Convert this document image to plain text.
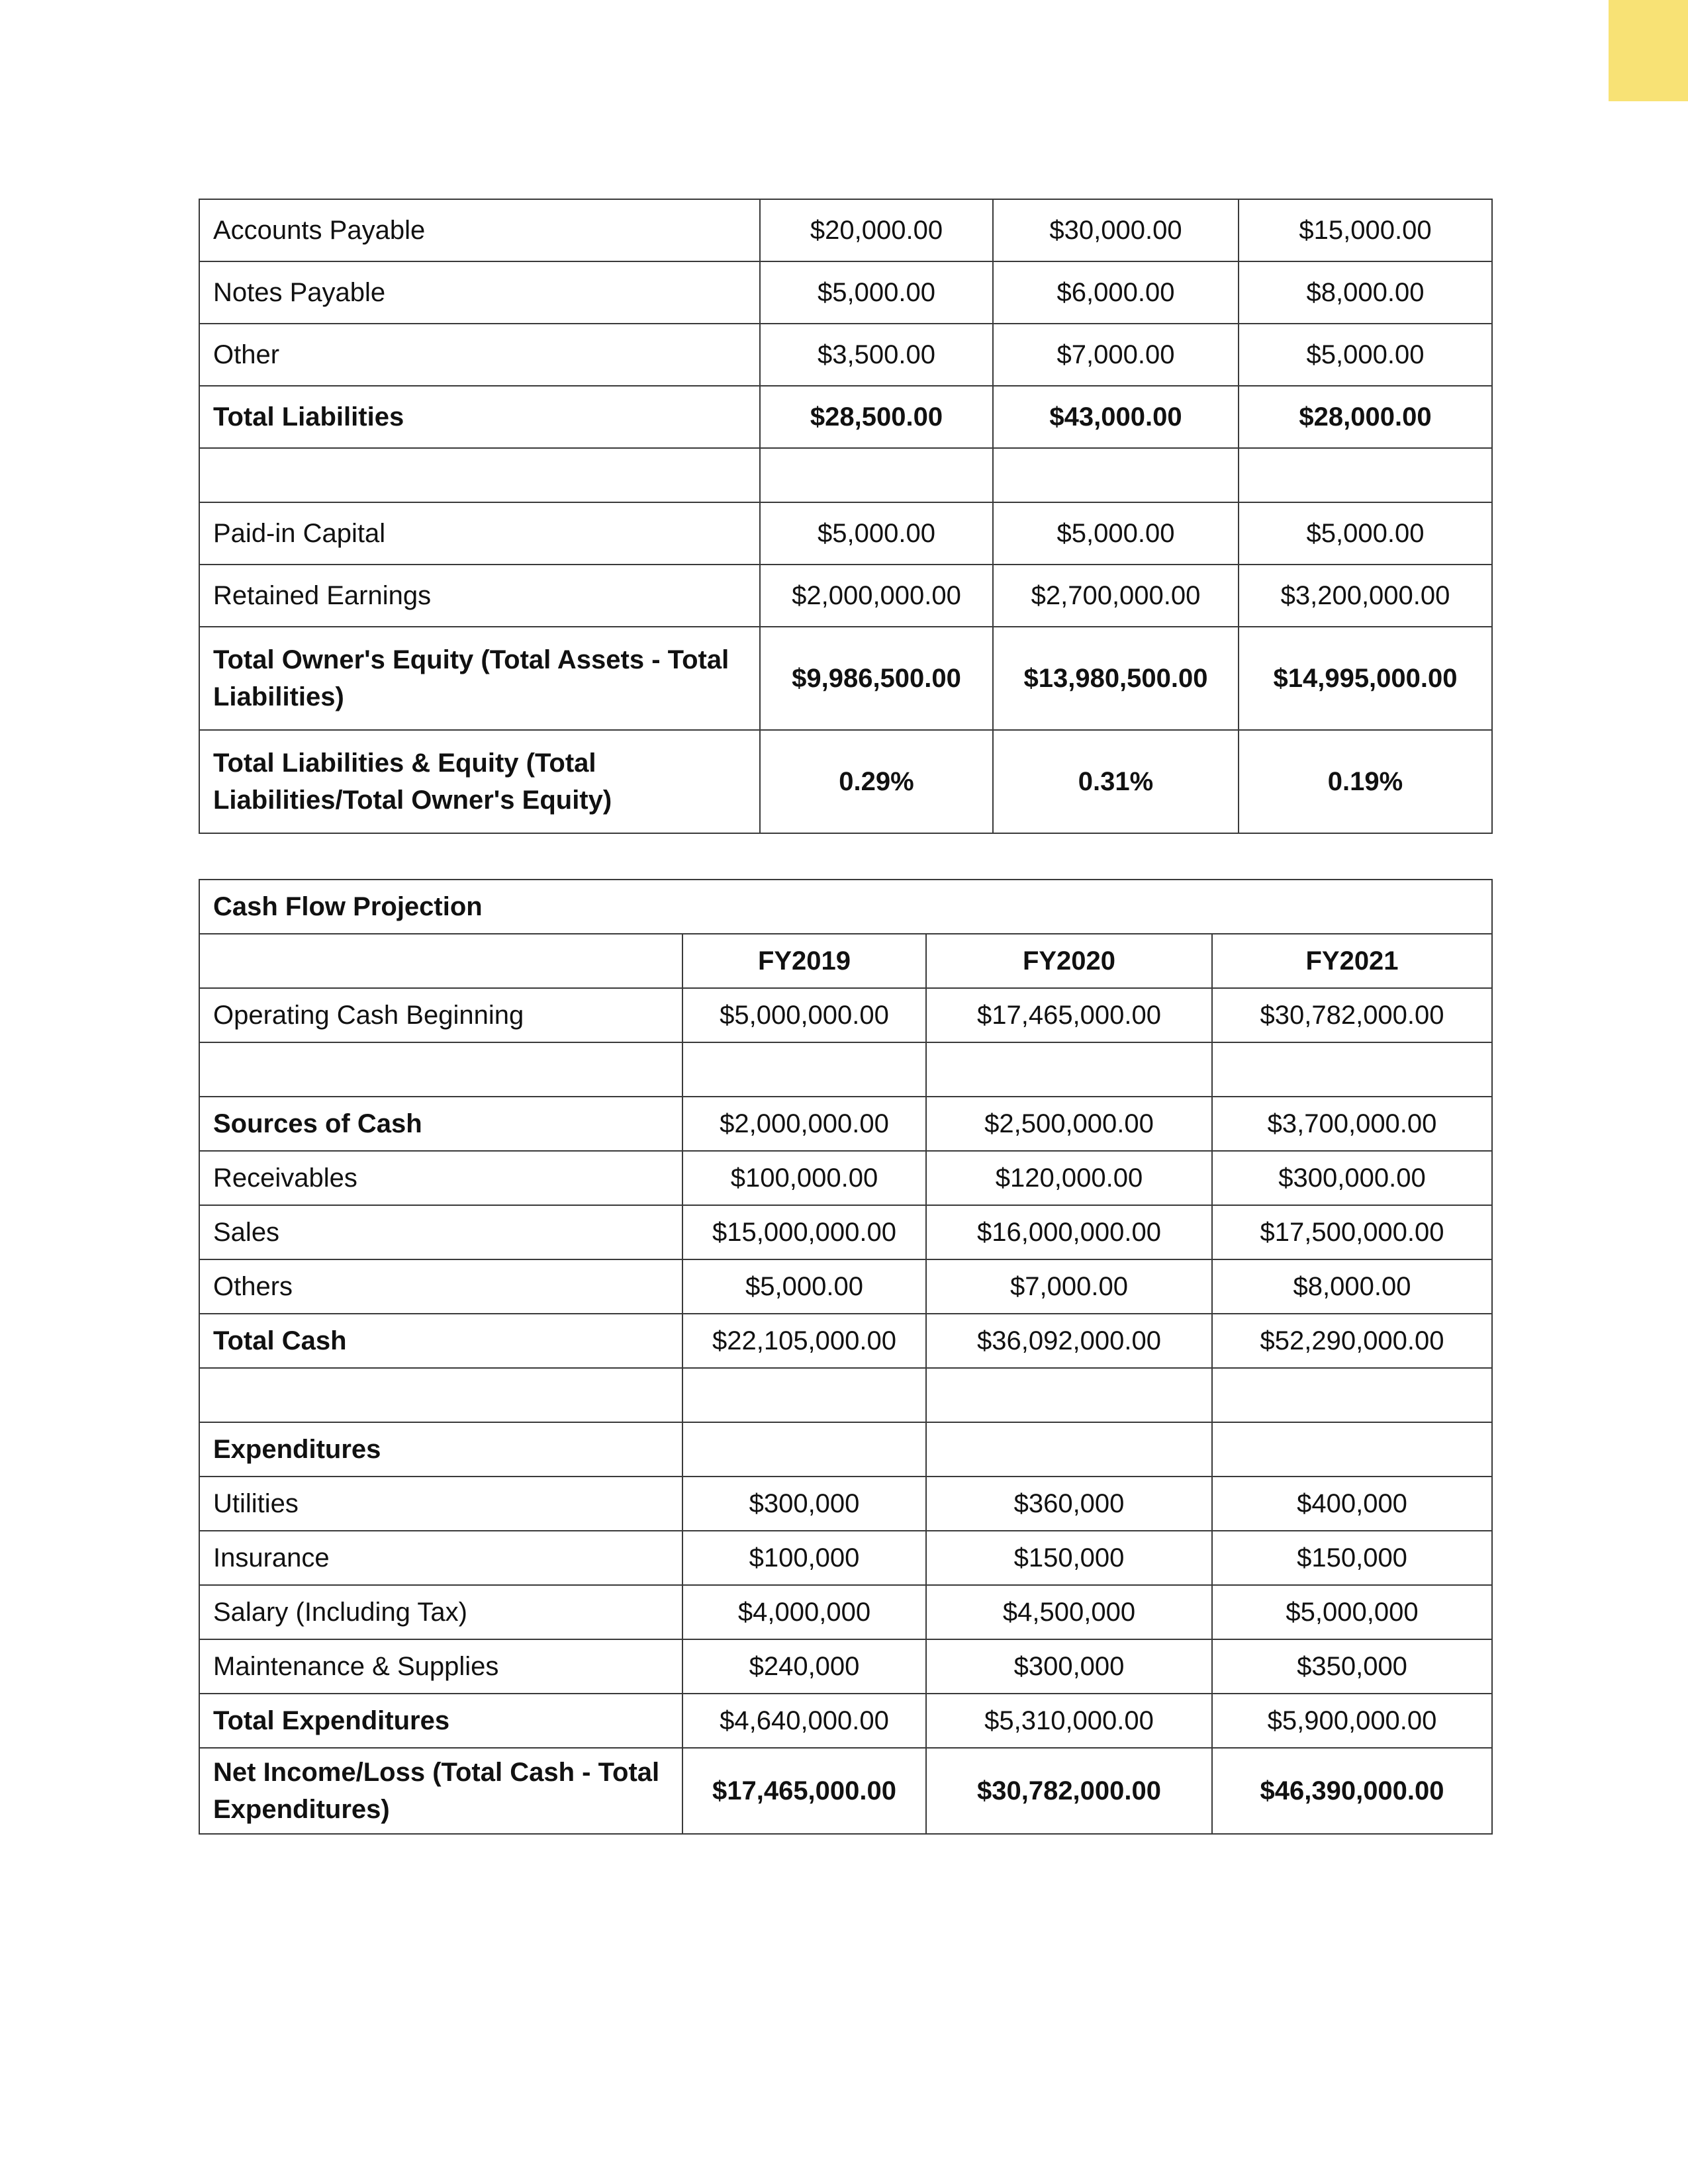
Accounts Payable	$20,000.00	$30,000.00	$15,000.00
Notes Payable	$5,000.00	$6,000.00	$8,000.00
Other	$3,500.00	$7,000.00	$5,000.00
Total Liabilities	$28,500.00	$43,000.00	$28,000.00

Paid-in Capital	$5,000.00	$5,000.00	$5,000.00
Retained Earnings	$2,000,000.00	$2,700,000.00	$3,200,000.00
Total Owner's Equity (Total Assets - Total Liabilities)	$9,986,500.00	$13,980,500.00	$14,995,000.00
Total Liabilities & Equity (Total Liabilities/Total Owner's Equity)	0.29%	0.31%	0.19%
Cash Flow Projection			
	FY2019	FY2020	FY2021
Operating Cash Beginning	$5,000,000.00	$17,465,000.00	$30,782,000.00

Sources of Cash	$2,000,000.00	$2,500,000.00	$3,700,000.00
Receivables	$100,000.00	$120,000.00	$300,000.00
Sales	$15,000,000.00	$16,000,000.00	$17,500,000.00
Others	$5,000.00	$7,000.00	$8,000.00
Total Cash	$22,105,000.00	$36,092,000.00	$52,290,000.00

Expenditures			
Utilities	$300,000	$360,000	$400,000
Insurance	$100,000	$150,000	$150,000
Salary (Including Tax)	$4,000,000	$4,500,000	$5,000,000
Maintenance & Supplies	$240,000	$300,000	$350,000
Total Expenditures	$4,640,000.00	$5,310,000.00	$5,900,000.00
Net Income/Loss (Total Cash - Total Expenditures)	$17,465,000.00	$30,782,000.00	$46,390,000.00
